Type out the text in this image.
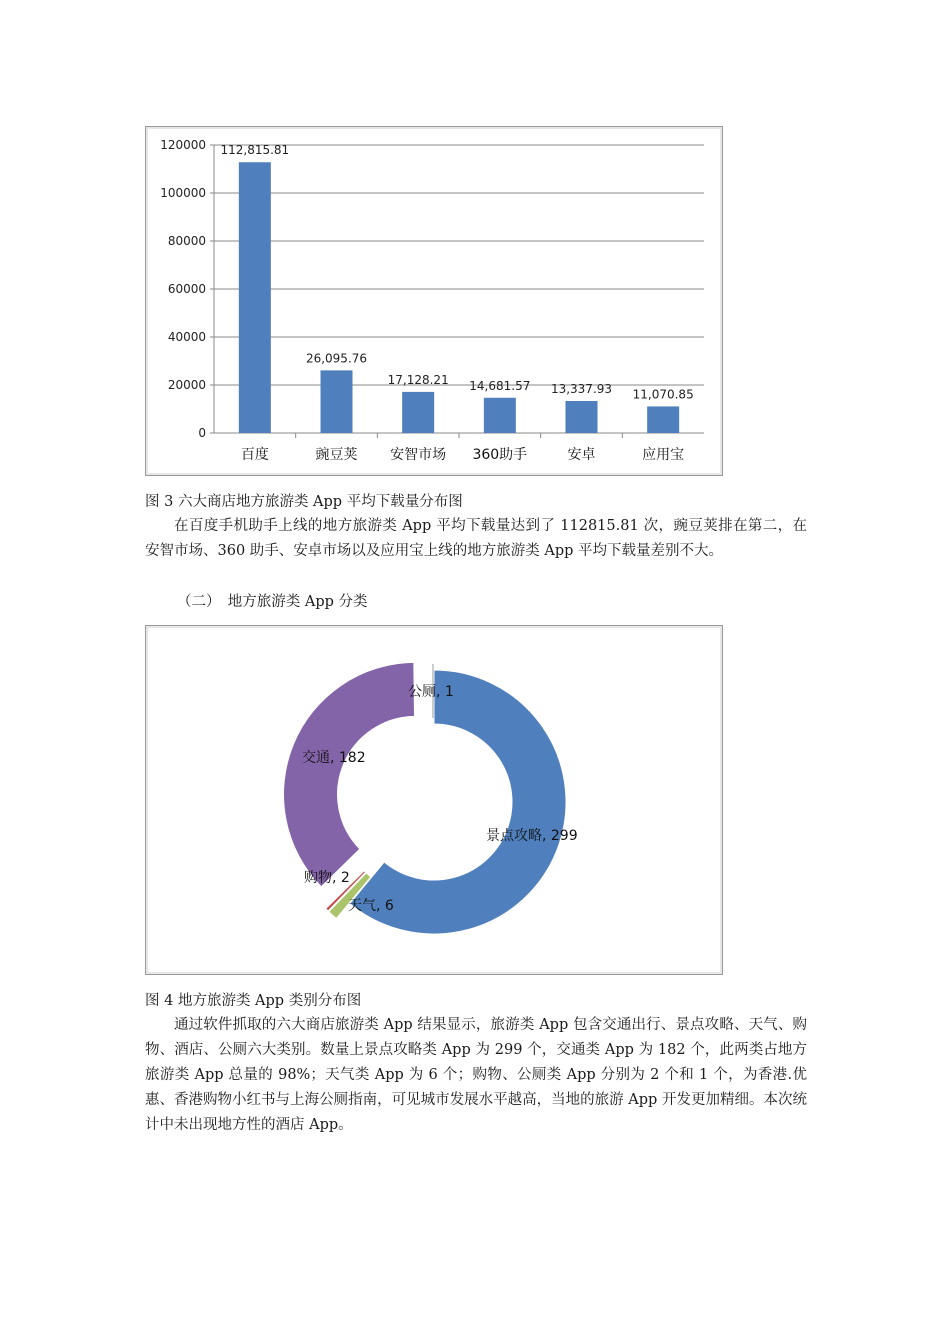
0
20000
40000
60000
80000
100000
120000 112,815.81
百度
26,095.76
豌豆荚
17,128.21
安智市场
14,681.57
360助手
13,337.93
安卓
11,070.85
应用宝
图 3 六大商店地方旅游类 App 平均下载量分布图

在百度手机助手上线的地方旅游类 App 平均下载量达到了 112815.81 次，豌豆荚排在第二，在安智市场、360 助手、安卓市场以及应用宝上线的地方旅游类 App 平均下载量差别不大。

（二）　地方旅游类 App 分类
景点攻略, 299
天气, 6
购物, 2
交通, 182
公厕, 1
图 4 地方旅游类 App 类别分布图

通过软件抓取的六大商店旅游类 App 结果显示，旅游类 App 包含交通出行、景点攻略、天气、购物、酒店、公厕六大类别。数量上景点攻略类 App 为 299 个，交通类 App 为 182 个，此两类占地方旅游类 App 总量的 98%；天气类 App 为 6 个；购物、公厕类 App 分别为 2 个和 1 个，为香港.优惠、香港购物小红书与上海公厕指南，可见城市发展水平越高，当地的旅游 App 开发更加精细。本次统计中未出现地方性的酒店 App。
